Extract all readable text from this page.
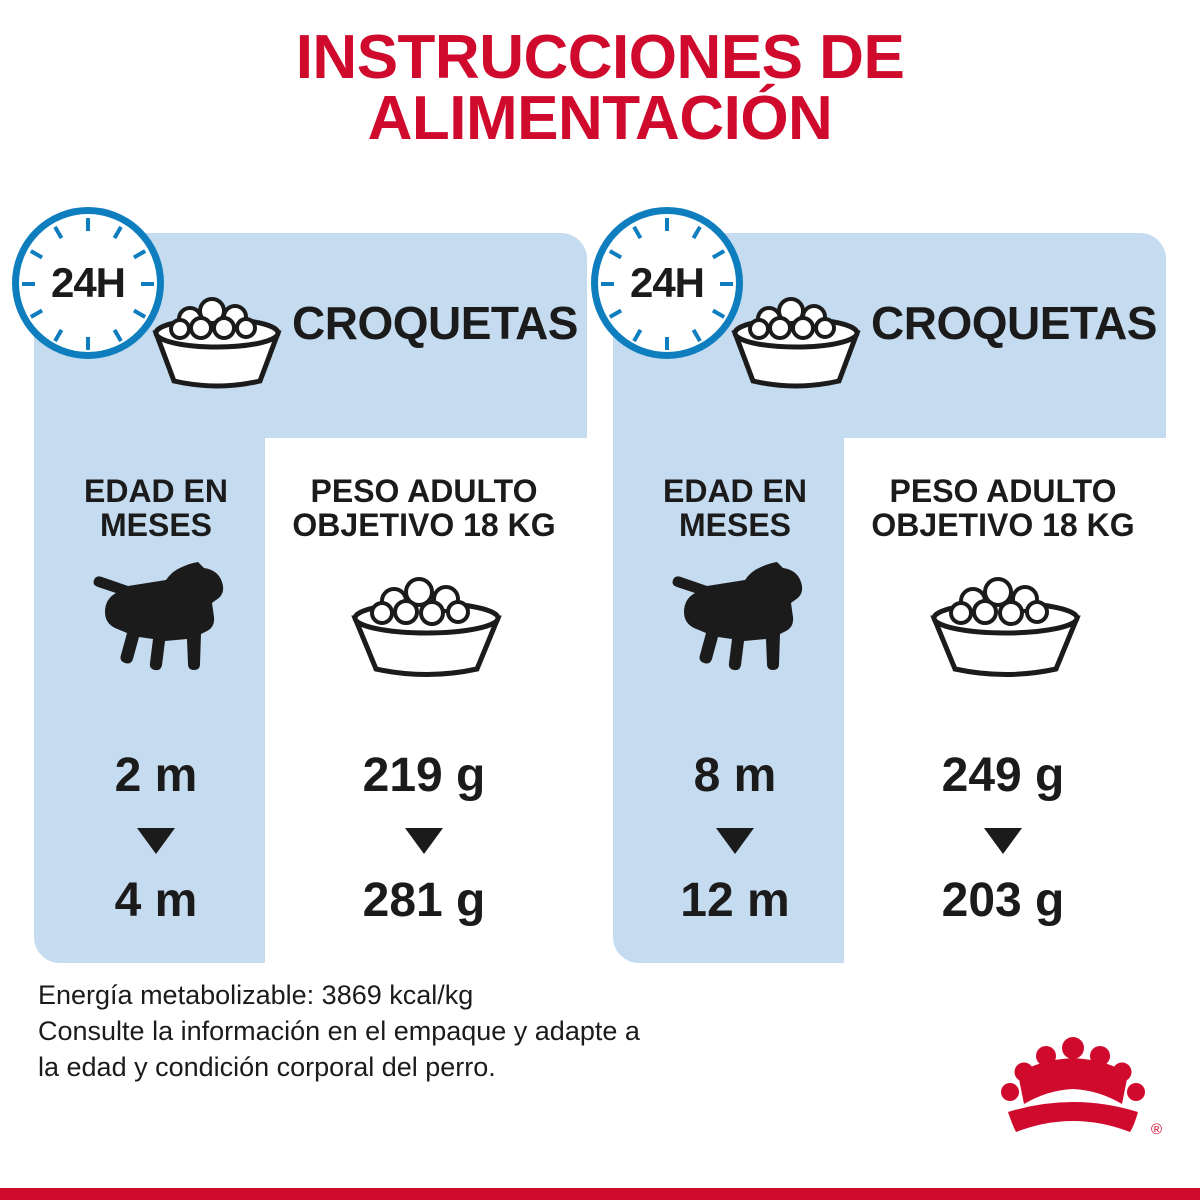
INSTRUCCIONES DE
ALIMENTACIÓN
24H
CROQUETAS
EDAD EN
MESES
PESO ADULTO
OBJETIVO 18 KG
2 m
4 m
219 g
281 g
24H
CROQUETAS
EDAD EN
MESES
PESO ADULTO
OBJETIVO 18 KG
8 m
12 m
249 g
203 g
Energía metabolizable: 3869 kcal/kg
Consulte la información en el empaque y adapte a
la edad y condición corporal del perro.
®
